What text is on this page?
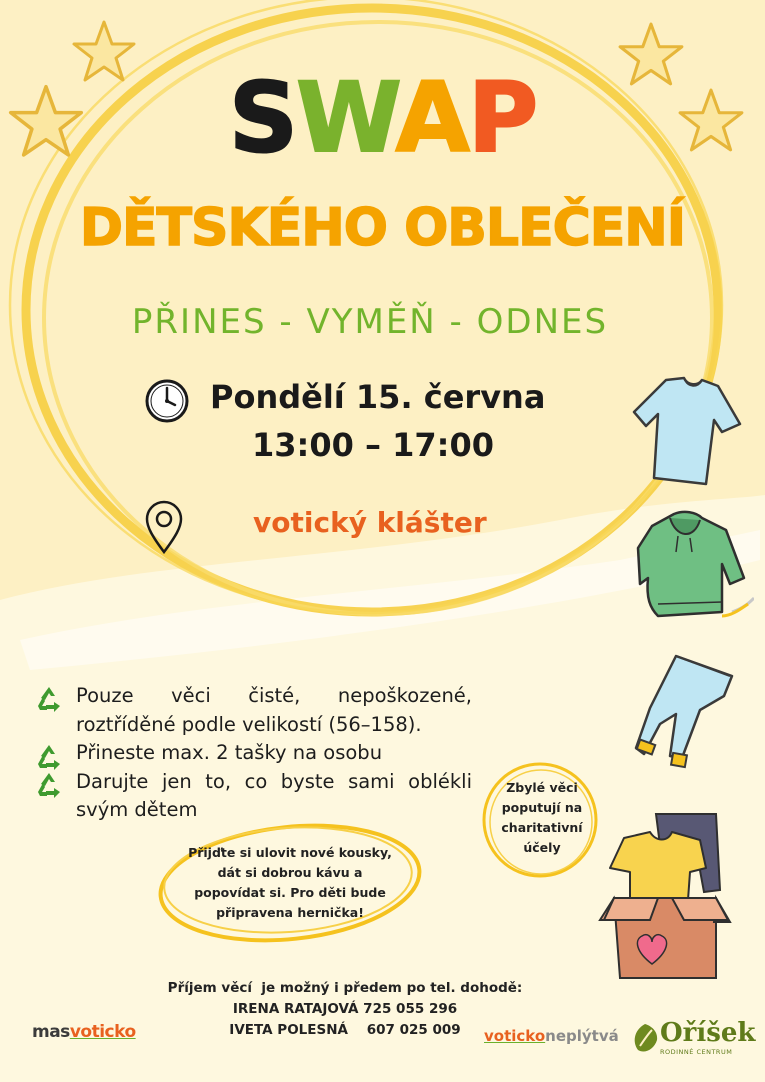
SWAP
DĚTSKÉHO OBLEČENÍ
PŘINES - VYMĚŇ - ODNES
Pondělí 15. června
13:00 – 17:00
votický klášter
Pouze věci čisté, nepoškozené, roztříděné podle velikostí (56–158).
Přineste max. 2 tašky na osobu
Darujte jen to, co byste sami oblékli svým dětem
Přijďte si ulovit nové kousky,
dát si dobrou kávu a
popovídat si. Pro děti bude
připravena hernička!
Zbylé věci
poputují na
charitativní
účely
Příjem věcí  je možný i předem po tel. dohodě:
IRENA RATAJOVÁ 725 055 296
IVETA POLESNÁ    607 025 009
masvoticko	votickoneplýtvá Oříšek
RODINNÉ CENTRUM
